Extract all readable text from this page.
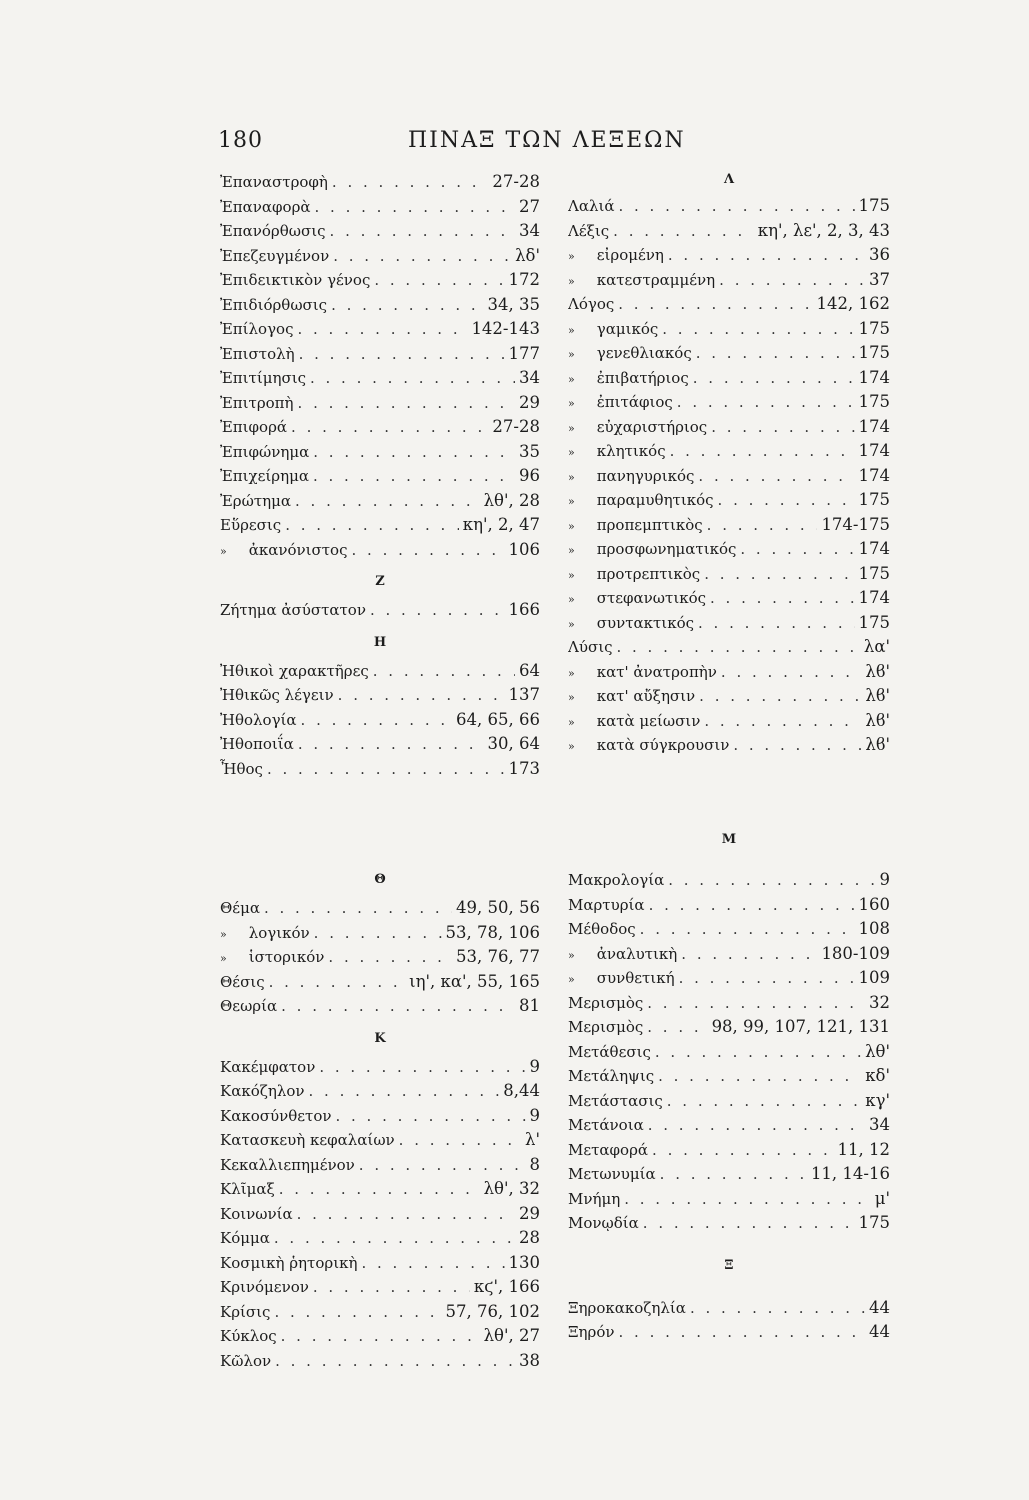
180	ΠΙΝΑΞ ΤΩΝ ΛΕΞΕΩΝ
Ἐπαναστροφὴ . . .	27-28
Ἐπαναφορὰ . . .	27
Ἐπανόρθωσις . . .	34
Ἐπεζευγμένον . . .	λδ'
Ἐπιδεικτικὸν γένος . . .	172
Ἐπιδιόρθωσις . . .	34, 35
Ἐπίλογος . . .	142-143
Ἐπιστολὴ . . .	177
Ἐπιτίμησις . . .	34
Ἐπιτροπὴ . . .	29
Ἐπιφορά . . .	27-28
Ἐπιφώνημα . . .	35
Ἐπιχείρημα . . .	96
Ἐρώτημα . . .	λθ', 28
Εὕρεσις . . .	κη', 2, 47
»	ἀκανόνιστος . . .	106
Ζ
Ζήτημα ἀσύστατον . . .	166
Η
Ἠθικοὶ χαρακτῆρες . . .	64
Ἠθικῶς λέγειν . . .	137
Ἠθολογία . . .	64, 65, 66
Ἠθοποιΐα . . .	30, 64
Ἦθος . . .	173
Θ
Θέμα . . .	49, 50, 56
»	λογικόν . . .	53, 78, 106
»	ἱστορικόν . . .	53, 76, 77
Θέσις . . .	ιη', κα', 55, 165
Θεωρία . . .	81
Κ
Κακέμφατον . . .	9
Κακόζηλον . . .	8,44
Κακοσύνθετον . . .	9
Κατασκευὴ κεφαλαίων . . .	λ'
Κεκαλλιεπημένον . . .	8
Κλῖμαξ . . .	λθ', 32
Κοινωνία . . .	29
Κόμμα . . .	28
Κοσμικὴ ῥητορικὴ . . .	130
Κρινόμενον . . .	κϛ', 166
Κρίσις . . .	57, 76, 102
Κύκλος . . .	λθ', 27
Κῶλον . . .	38
Λ
Λαλιά . . .	175
Λέξις . . .	κη', λε', 2, 3, 43
»	εἰρομένη . . .	36
»	κατεστραμμένη . . .	37
Λόγος . . .	142, 162
»	γαμικός . . .	175
»	γενεθλιακός . . .	175
»	ἐπιβατήριος . . .	174
»	ἐπιτάφιος . . .	175
»	εὐχαριστήριος . . .	174
»	κλητικός . . .	174
»	πανηγυρικός . . .	174
»	παραμυθητικός . . .	175
»	προπεμπτικὸς . . .	174-175
»	προσφωνηματικός . . .	174
»	προτρεπτικὸς . . .	175
»	στεφανωτικός . . .	174
»	συντακτικός . . .	175
Λύσις . . .	λα'
»	κατ' ἀνατροπὴν . . .	λϐ'
»	κατ' αὔξησιν . . .	λϐ'
»	κατὰ μείωσιν . . .	λϐ'
»	κατὰ σύγκρουσιν . . .	λϐ'
Μ
Μακρολογία . . .	9
Μαρτυρία . . .	160
Μέθοδος . . .	108
»	ἀναλυτικὴ . . .	180-109
»	συνθετική . . .	109
Μερισμὸς . . .	32
Μερισμὸς . . .	98, 99, 107, 121, 131
Μετάθεσις . . .	λθ'
Μετάληψις . . .	κδ'
Μετάστασις . . .	κγ'
Μετάνοια . . .	34
Μεταφορά . . .	11, 12
Μετωνυμία . . .	11, 14-16
Μνήμη . . .	μ'
Μονῳδία . . .	175
Ξ
Ξηροκακοζηλία . . .	44
Ξηρόν . . .	44
